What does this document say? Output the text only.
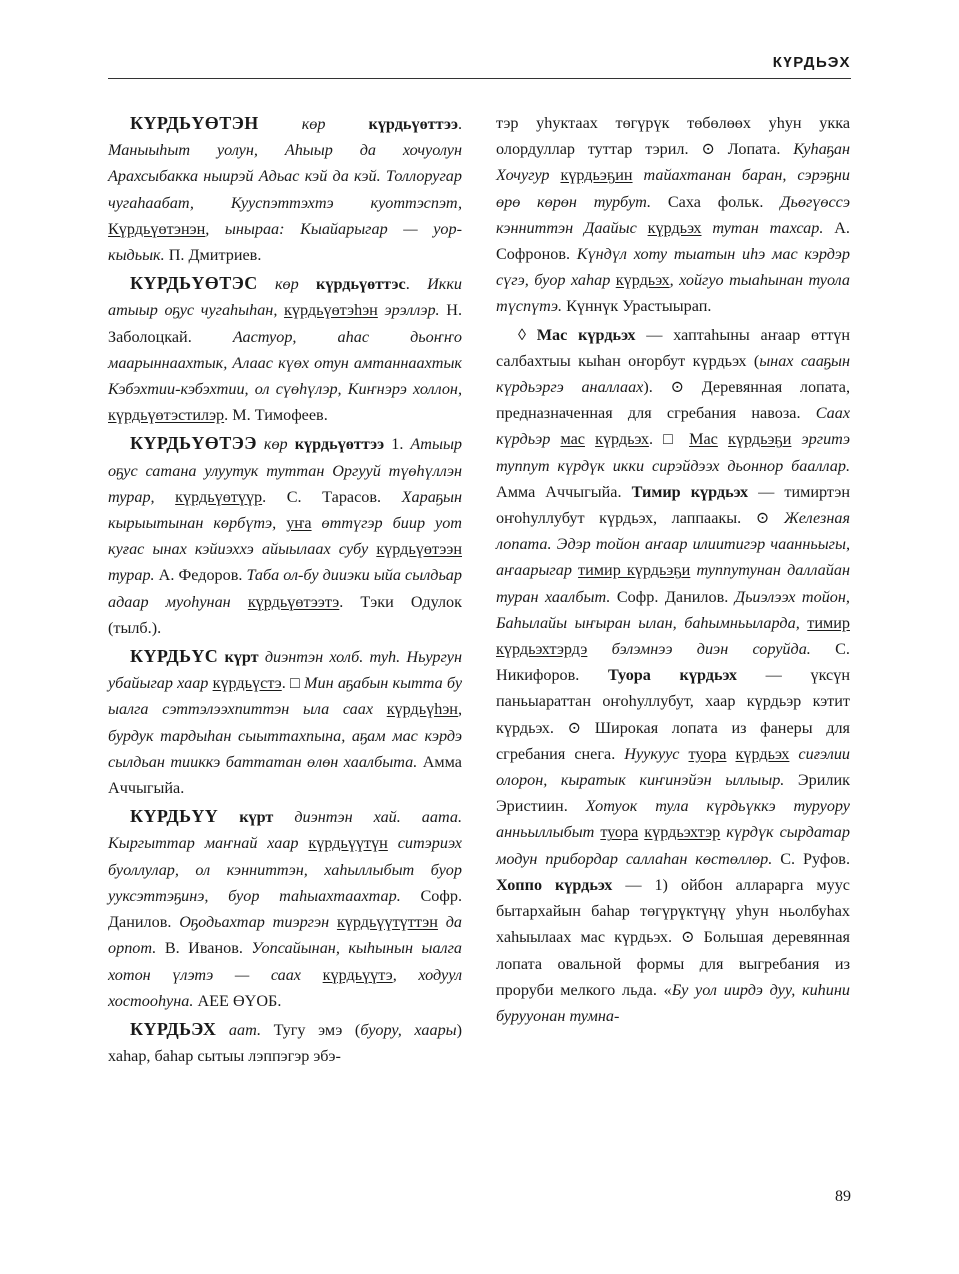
КҮРДЬЭХ

КҮРДЬҮӨТЭН	көр	күрдьүөттээ. Маныыһыт уолун, Аһыыр да хочуолун Арахсыбакка ныирэй Адьас кэй да кэй. Толлоругар чугаһаабат, Кууспэттэхтэ куоттэспэт, Күрдьүөтэнэн, ыныраа: Кыайарыгар — уор-кыдьык. П. Дмитриев.

КҮРДЬҮӨТЭС көр күрдьүөттэс. Икки атыыр оҕус чугаһыһан, күрдьүөтэһэн эрэллэр. Н. Заболоцкай. Аастуор, аһас дьоҥҥо маарыннаахтык, Алаас күөх отун амтаннаахтык Кэбэхтии-кэбэхтии, ол сүөһүлэр, Киҥнэрэ холлон, күрдьүөтэстилэр. М. Тимофеев.

КҮРДЬҮӨТЭЭ көр күрдьүөттээ 1. Атыыр оҕус сатана улуутук туттан Оргууй түөһүллэн турар, күрдьүөтүүр. С. Тарасов. Хараҕын кырыытынан көрбүтэ, уҥа өттүгэр биир уот куғас ынах кэйиэххэ айыылаах субу күрдьүөтээн турар. А. Федоров. Таба ол-бу дииэки ыйа сылдьар адаар муоһунан күрдьүөтээтэ. Тэки Одулок (тылб.).

КҮРДЬҮС күрт диэнтэн холб. туһ. Ньургун убайыгар хаар күрдьүстэ. □ Мин аҕабын кытта бу ыалга сэттэлээхпиттэн ыла саах күрдьүһэн, бурдук тардыһан сыыттахпына, аҕам мас кэрдэ сылдьан тииккэ баттатан өлөн хаалбыта. Амма Аччыгыйа.

КҮРДЬҮҮ күрт диэнтэн хай. аата. Кыргыттар маҥнай хаар күрдьүүтүн ситэриэх буоллулар, ол кэнниттэн, хаһыллыбыт буор ууксэттэҕинэ, буор таһыахтаахтар. Софр. Данилов. Оҕодьахтар тиэргэн күрдьүүтүттэн да орпот. В. Иванов. Уопсайынан, кыһынын ыалга хотон үлэтэ — саах күрдьүүтэ, ходуул хостооһуна. АЕЕ ӨҮОБ.

КҮРДЬЭХ аат. Тугу эмэ (буору, хаары) хаһар, баһар сытыы лэппэгэр эбэ-

тэр уһуктаах төгүрүк төбөлөөх уһун укка олордуллар туттар тэрил. ⊙ Лопата. Куһаҕан Хочугур күрдьэҕин тайахтанан баран, сэрэҕни өрө көрөн турбут. Саха фольк. Дьөгүөссэ кэнниттэн Даайыс күрдьэх тутан тахсар. А. Софронов. Күндүл хоту тыатын иһэ мас кэрдэр сүгэ, буор хаһар күрдьэх, хойгуо тыаһынан туола түспүтэ. Күннүк Урастыырап.

◊ Мас күрдьэх — хаптаһыны аҥаар өттүн салбахтыы кыһан оҥорбут күрдьэх (ынах сааҕын күрдьэргэ аналлаах). ⊙ Деревянная лопата, предназначенная для сгребания навоза. Саах күрдьэр мас күрдьэх. □ Мас күрдьэҕи эргитэ туппут күрдүк икки сирэйдээх дьоннор бааллар. Амма Аччыгыйа. Тимир күрдьэх — тимиртэн оҥоһуллубут күрдьэх, лаппаакы. ⊙ Железная лопата. Эдэр тойон аҥаар илиитигэр чаанньыгы, аҥаарыгар тимир күрдьэҕи туппутунан даллайан туран хаалбыт. Софр. Данилов. Дьиэлээх тойон, Баһылайы ыҥыран ылан, баһымньыларда, тимир күрдьэхтэрдэ бэлэмнээ диэн соруйда. С. Никифоров. Туора күрдьэх — үксүн паньыараттан оҥоһуллубут, хаар күрдьэр кэтит күрдьэх. ⊙ Широкая лопата из фанеры для сгребания снега. Нуукуус туора күрдьэх сиғэлии олорон, кыратык киҥинэйэн ыллыыр. Эрилик Эристиин. Хотуок тула күрдьүккэ туруору анньыллыбыт туора күрдьэхтэр күрдүк сырдатар модун прибордар саллаһан көстөллөр. С. Руфов. Хоппо күрдьэх — 1) ойбон алларарга муус бытархайын баһар төгүрүктүңү уһун ньолбуһах хаһыылаах мас күрдьэх. ⊙ Большая деревянная лопата овальной формы для выгребания из проруби мелкого льда. «Бу уол иирдэ дуу, киһини бурууонан тумна-

89
